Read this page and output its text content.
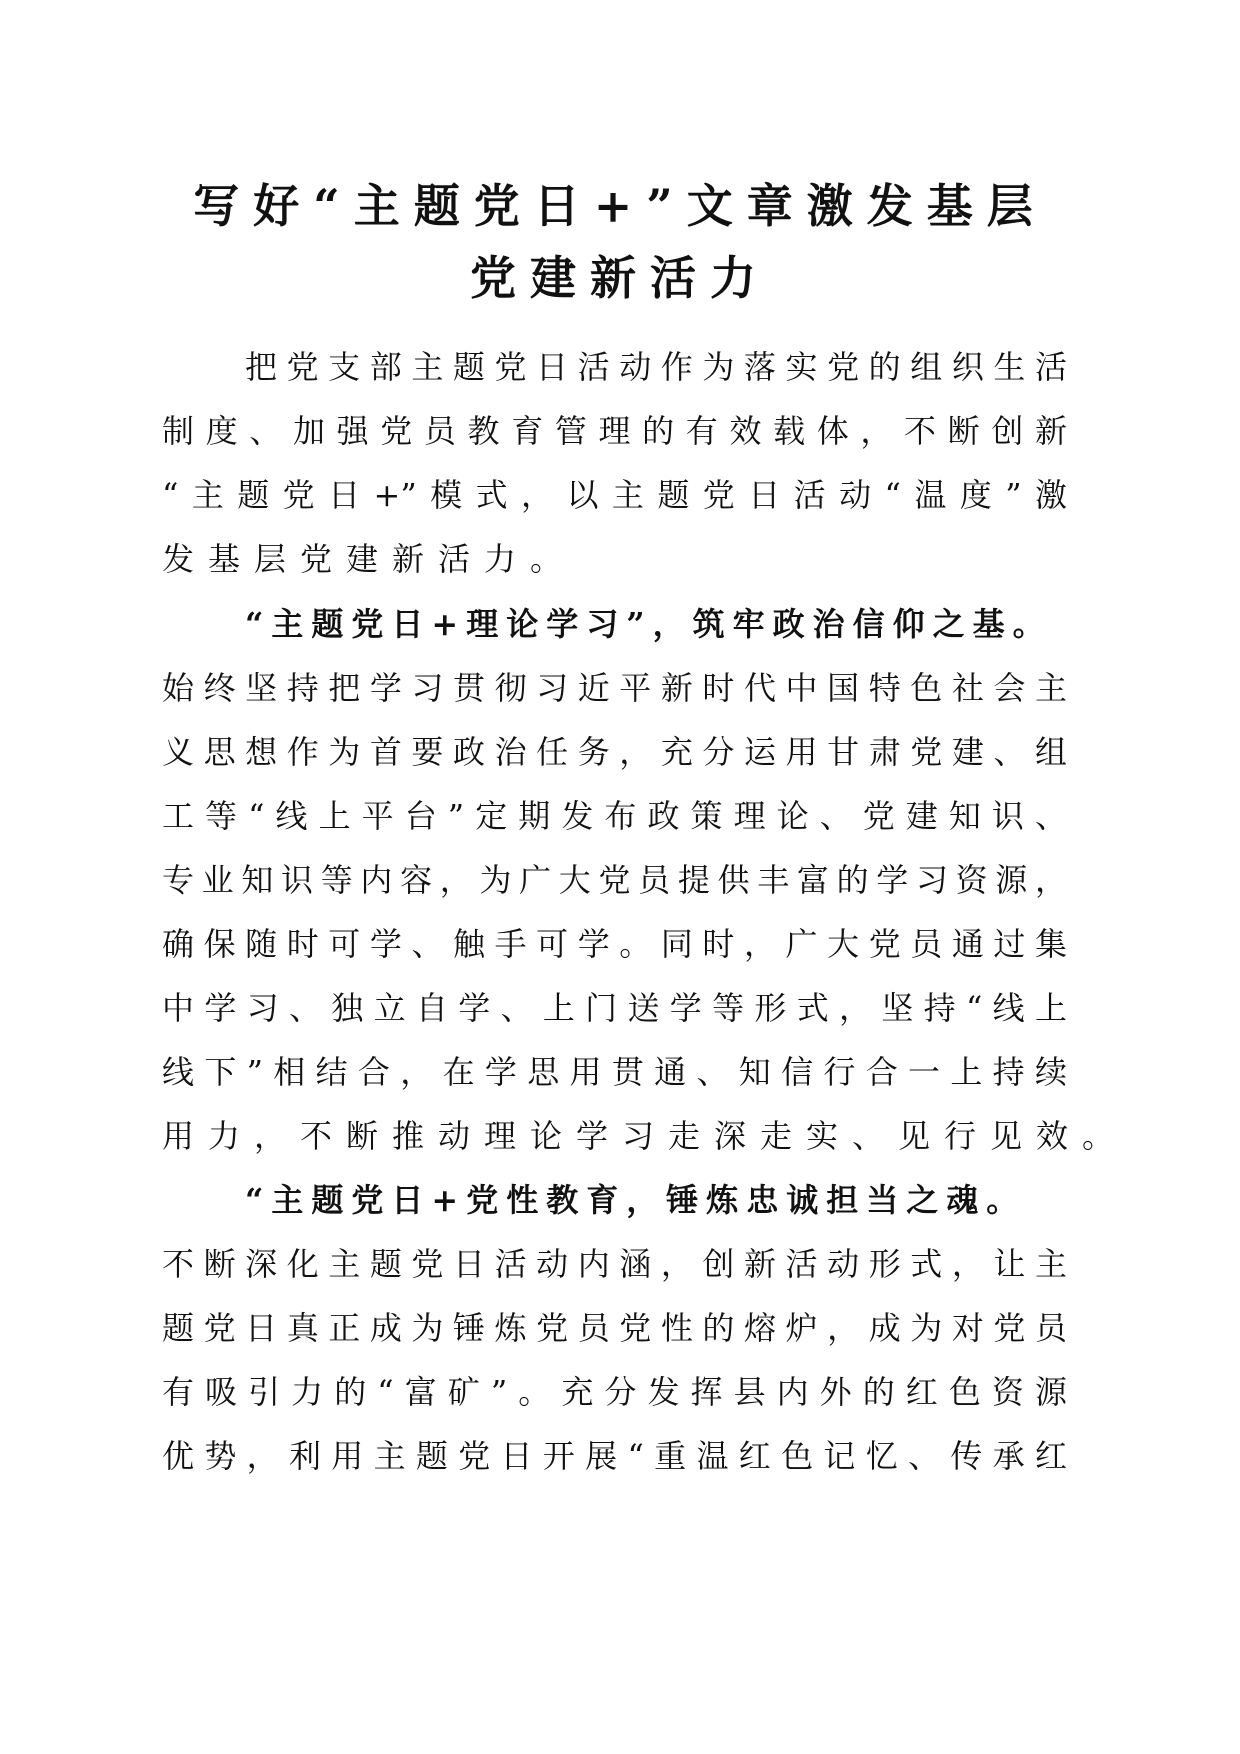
写好“主题党日+”文章激发基层
党建新活力
把党支部主题党日活动作为落实党的组织生活
制度、加强党员教育管理的有效载体，不断创新
“主题党日+”模式，以主题党日活动“温度”激
发基层党建新活力。
“主题党日+理论学习”，筑牢政治信仰之基。
始终坚持把学习贯彻习近平新时代中国特色社会主
义思想作为首要政治任务，充分运用甘肃党建、组
工等“线上平台”定期发布政策理论、党建知识、
专业知识等内容，为广大党员提供丰富的学习资源，
确保随时可学、触手可学。同时，广大党员通过集
中学习、独立自学、上门送学等形式，坚持“线上
线下”相结合，在学思用贯通、知信行合一上持续
用力，不断推动理论学习走深走实、见行见效。
“主题党日+党性教育，锤炼忠诚担当之魂。
不断深化主题党日活动内涵，创新活动形式，让主
题党日真正成为锤炼党员党性的熔炉，成为对党员
有吸引力的“富矿”。充分发挥县内外的红色资源
优势，利用主题党日开展“重温红色记忆、传承红
